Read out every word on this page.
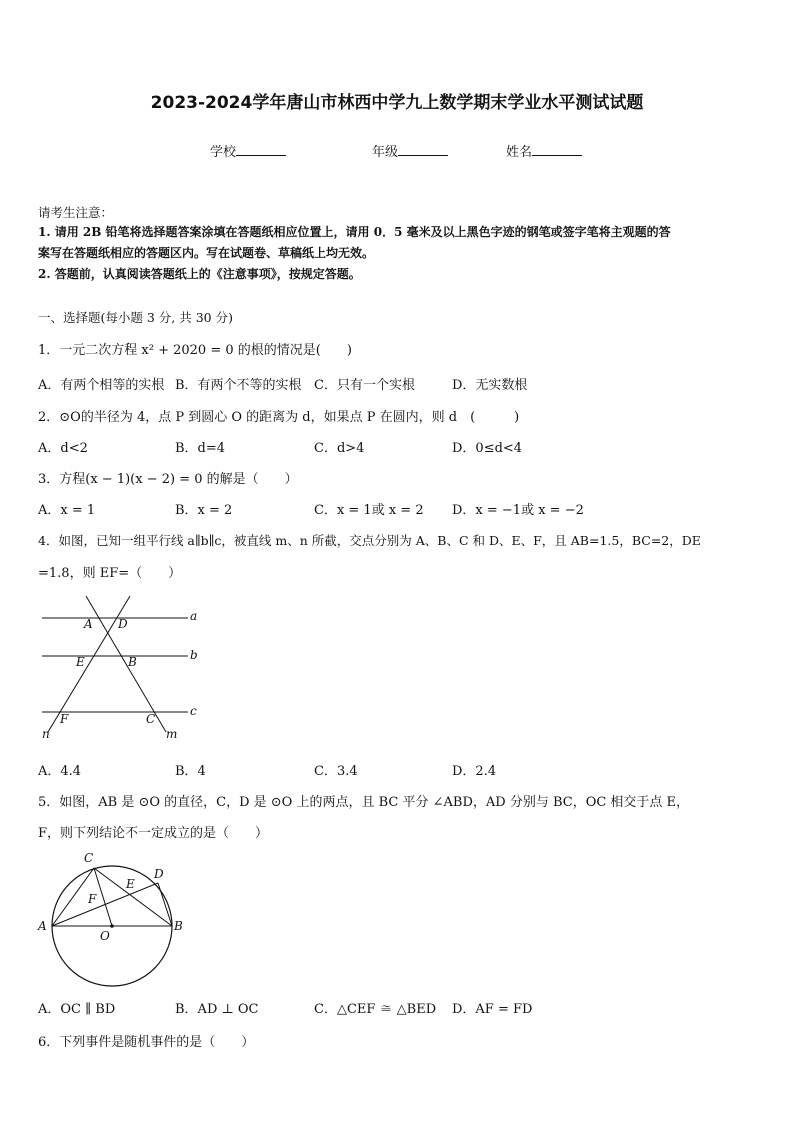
2023-2024学年唐山市林西中学九上数学期末学业水平测试试题
学校	年级	姓名
请考生注意：
1. 请用 2B 铅笔将选择题答案涂填在答题纸相应位置上，请用 0．5 毫米及以上黑色字迹的钢笔或签字笔将主观题的答
案写在答题纸相应的答题区内。写在试题卷、草稿纸上均无效。
2. 答题前，认真阅读答题纸上的《注意事项》，按规定答题。
一、选择题(每小题 3 分, 共 30 分)
1．一元二次方程 x² + 2020 = 0 的根的情况是(　　)
A．有两个相等的实根 B．有两个不等的实根 C．只有一个实根	D．无实数根
2．⊙O的半径为 4，点 P 到圆心 O 的距离为 d，如果点 P 在圆内，则 d　(　　　)
A．d<2	B．d=4	C．d>4	D．0≤d<4
3．方程(x − 1)(x − 2) = 0 的解是（　　）
A．x = 1	B．x = 2	C．x = 1或 x = 2 D．x = −1或 x = −2
4．如图，已知一组平行线 a∥b∥c，被直线 m、n 所截，交点分别为 A、B、C 和 D、E、F，且 AB=1.5，BC=2，DE
=1.8，则 EF=（　　）
a
b
c
A D
E	B
F	C
n	m
A．4.4	B．4	C．3.4	D．2.4
5．如图，AB 是 ⊙O 的直径，C，D 是 ⊙O 上的两点，且 BC 平分 ∠ABD，AD 分别与 BC，OC 相交于点 E，
F，则下列结论不一定成立的是（　　）
C
D
E
F
A
O
B
A．OC ∥ BD	B．AD ⊥ OC	C．△CEF ≅ △BED D．AF = FD
6．下列事件是随机事件的是（　　）
